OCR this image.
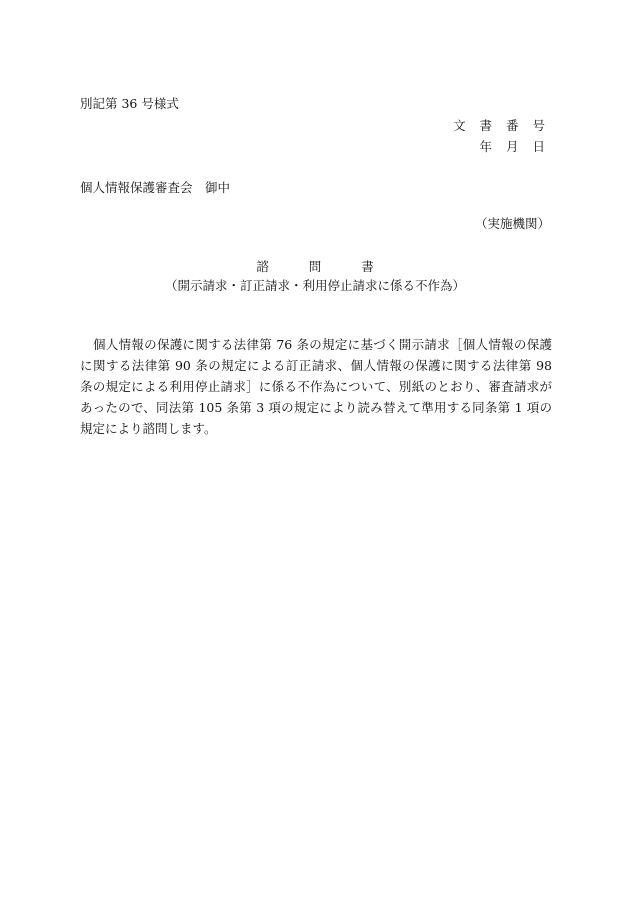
別記第 36 号様式

文 書 番 号

年 月 日

個人情報保護審査会　御中

（実施機関）

諮 問 書

（開示請求・訂正請求・利用停止請求に係る不作為）

個人情報の保護に関する法律第 76 条の規定に基づく開示請求［個人情報の保護に関する法律第 90 条の規定による訂正請求、個人情報の保護に関する法律第 98 条の規定による利用停止請求］に係る不作為について、別紙のとおり、審査請求があったので、同法第 105 条第 3 項の規定により読み替えて準用する同条第 1 項の規定により諮問します。
